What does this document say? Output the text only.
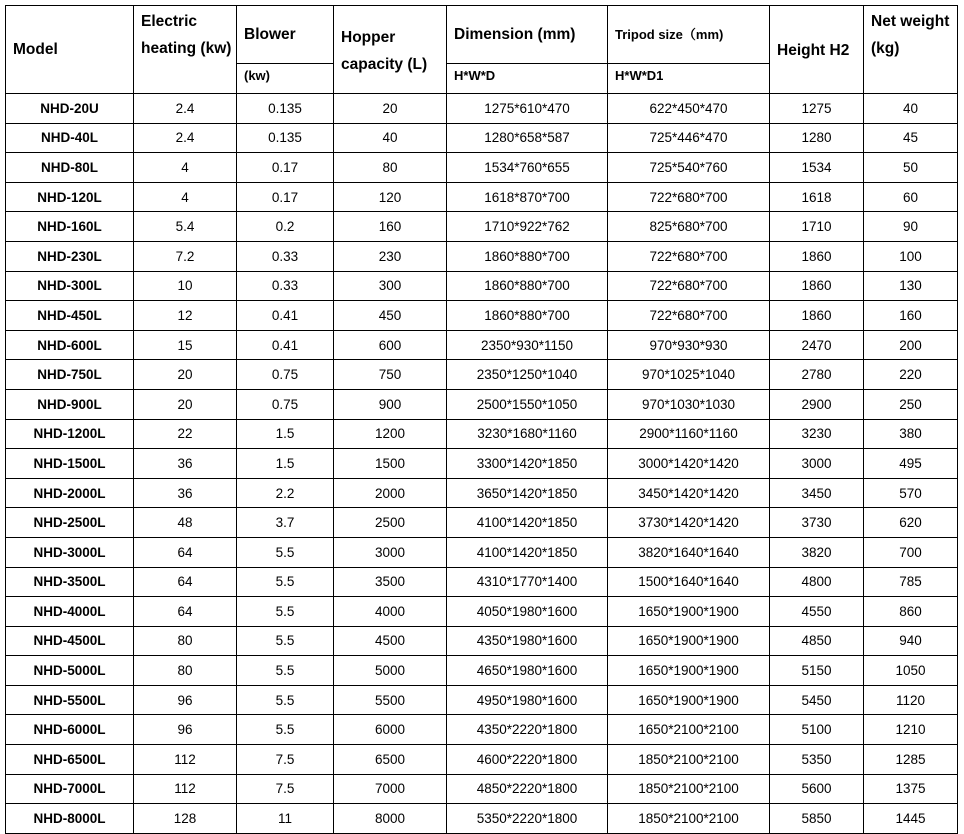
Model	Electric heating (kw)	Blower	Hopper capacity (L)	Dimension (mm)	Tripod size（mm)	Height H2	Net weight (kg)
		(kw)		H*W*D	H*W*D1		
NHD-20U	2.4	0.135	20	1275*610*470	622*450*470	1275	40
NHD-40L	2.4	0.135	40	1280*658*587	725*446*470	1280	45
NHD-80L	4	0.17	80	1534*760*655	725*540*760	1534	50
NHD-120L	4	0.17	120	1618*870*700	722*680*700	1618	60
NHD-160L	5.4	0.2	160	1710*922*762	825*680*700	1710	90
NHD-230L	7.2	0.33	230	1860*880*700	722*680*700	1860	100
NHD-300L	10	0.33	300	1860*880*700	722*680*700	1860	130
NHD-450L	12	0.41	450	1860*880*700	722*680*700	1860	160
NHD-600L	15	0.41	600	2350*930*1150	970*930*930	2470	200
NHD-750L	20	0.75	750	2350*1250*1040	970*1025*1040	2780	220
NHD-900L	20	0.75	900	2500*1550*1050	970*1030*1030	2900	250
NHD-1200L	22	1.5	1200	3230*1680*1160	2900*1160*1160	3230	380
NHD-1500L	36	1.5	1500	3300*1420*1850	3000*1420*1420	3000	495
NHD-2000L	36	2.2	2000	3650*1420*1850	3450*1420*1420	3450	570
NHD-2500L	48	3.7	2500	4100*1420*1850	3730*1420*1420	3730	620
NHD-3000L	64	5.5	3000	4100*1420*1850	3820*1640*1640	3820	700
NHD-3500L	64	5.5	3500	4310*1770*1400	1500*1640*1640	4800	785
NHD-4000L	64	5.5	4000	4050*1980*1600	1650*1900*1900	4550	860
NHD-4500L	80	5.5	4500	4350*1980*1600	1650*1900*1900	4850	940
NHD-5000L	80	5.5	5000	4650*1980*1600	1650*1900*1900	5150	1050
NHD-5500L	96	5.5	5500	4950*1980*1600	1650*1900*1900	5450	1120
NHD-6000L	96	5.5	6000	4350*2220*1800	1650*2100*2100	5100	1210
NHD-6500L	112	7.5	6500	4600*2220*1800	1850*2100*2100	5350	1285
NHD-7000L	112	7.5	7000	4850*2220*1800	1850*2100*2100	5600	1375
NHD-8000L	128	11	8000	5350*2220*1800	1850*2100*2100	5850	1445
